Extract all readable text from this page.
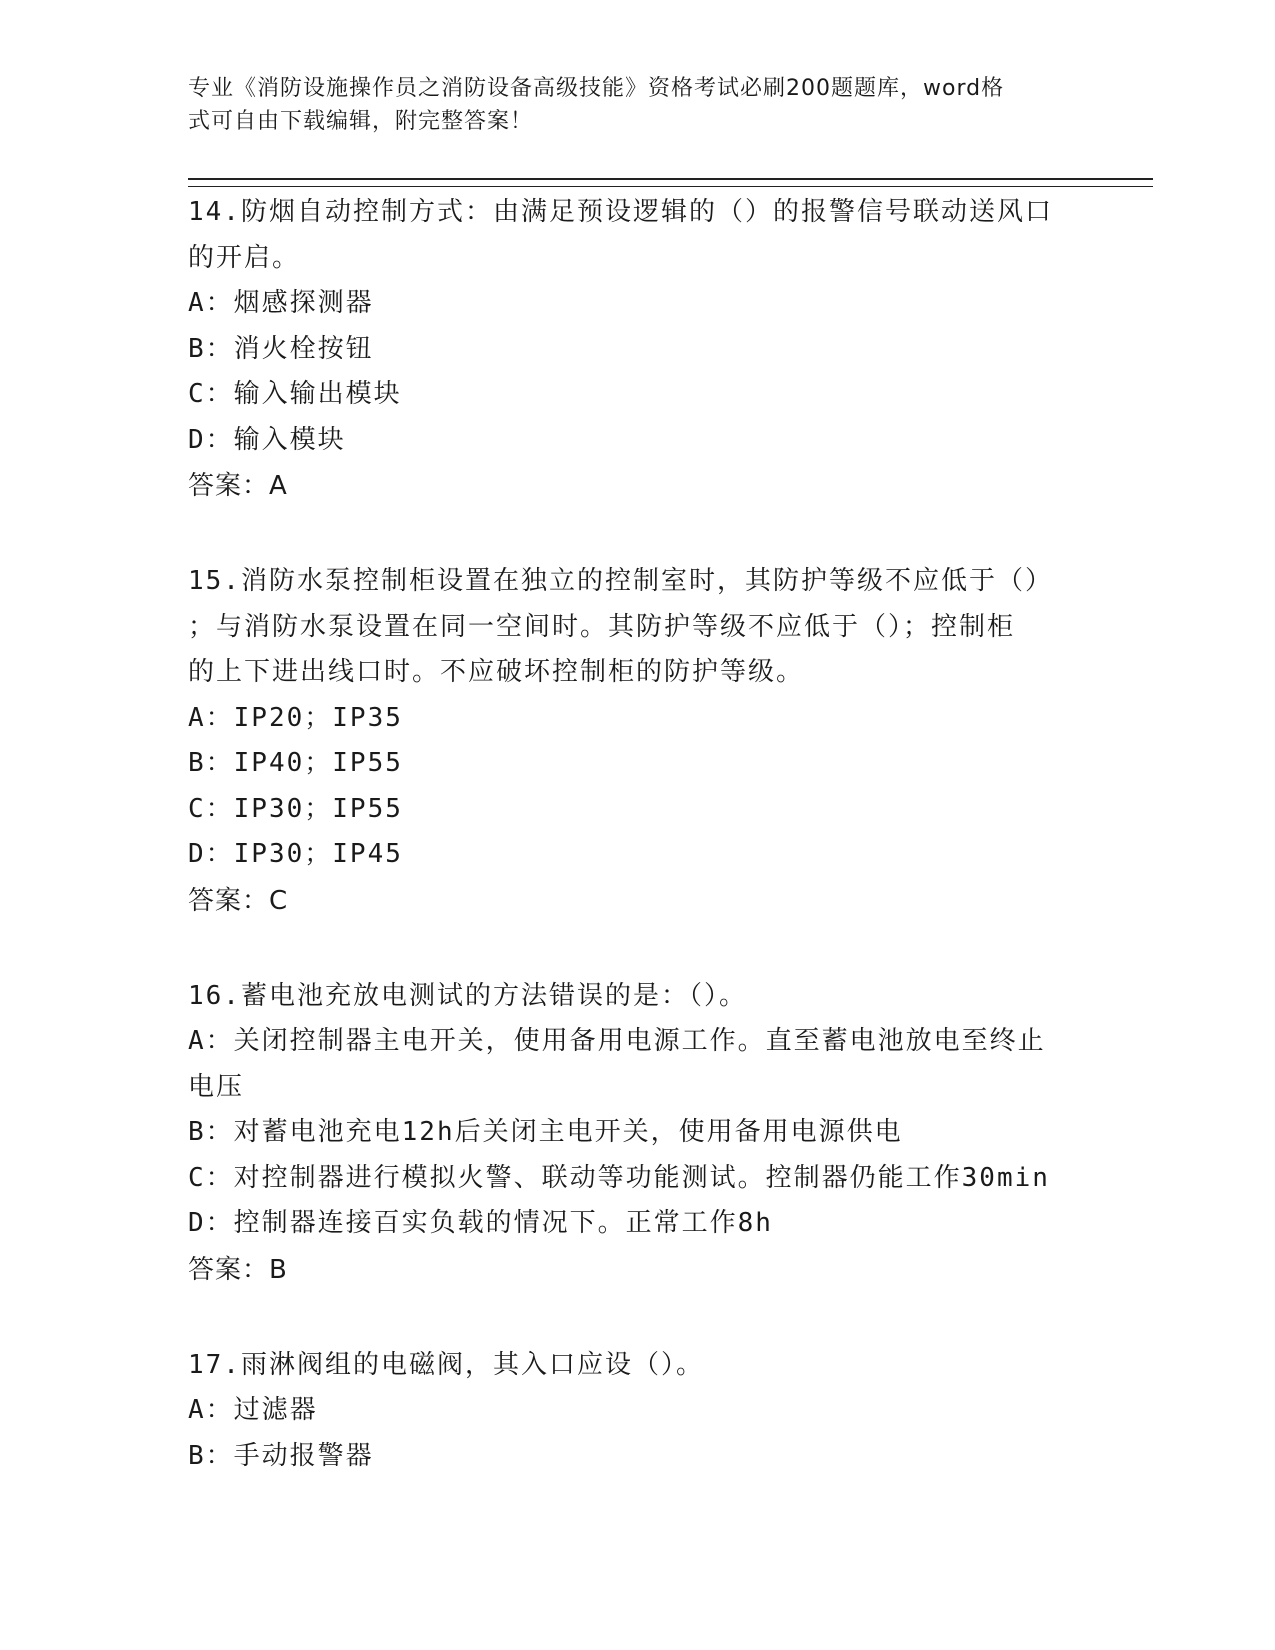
专业《消防设施操作员之消防设备高级技能》资格考试必刷200题题库，word格
式可自由下载编辑，附完整答案！
14.防烟自动控制方式：由满足预设逻辑的（）的报警信号联动送风口
的开启。
A：烟感探测器
B：消火栓按钮
C：输入输出模块
D：输入模块
答案：A
15.消防水泵控制柜设置在独立的控制室时，其防护等级不应低于（）
；与消防水泵设置在同一空间时。其防护等级不应低于（）；控制柜
的上下进出线口时。不应破坏控制柜的防护等级。
A：IP20；IP35
B：IP40；IP55
C：IP30；IP55
D：IP30；IP45
答案：C
16.蓄电池充放电测试的方法错误的是：（）。
A：关闭控制器主电开关，使用备用电源工作。直至蓄电池放电至终止
电压
B：对蓄电池充电12h后关闭主电开关，使用备用电源供电
C：对控制器进行模拟火警、联动等功能测试。控制器仍能工作30min
D：控制器连接百实负载的情况下。正常工作8h
答案：B
17.雨淋阀组的电磁阀，其入口应设（）。
A：过滤器
B：手动报警器
